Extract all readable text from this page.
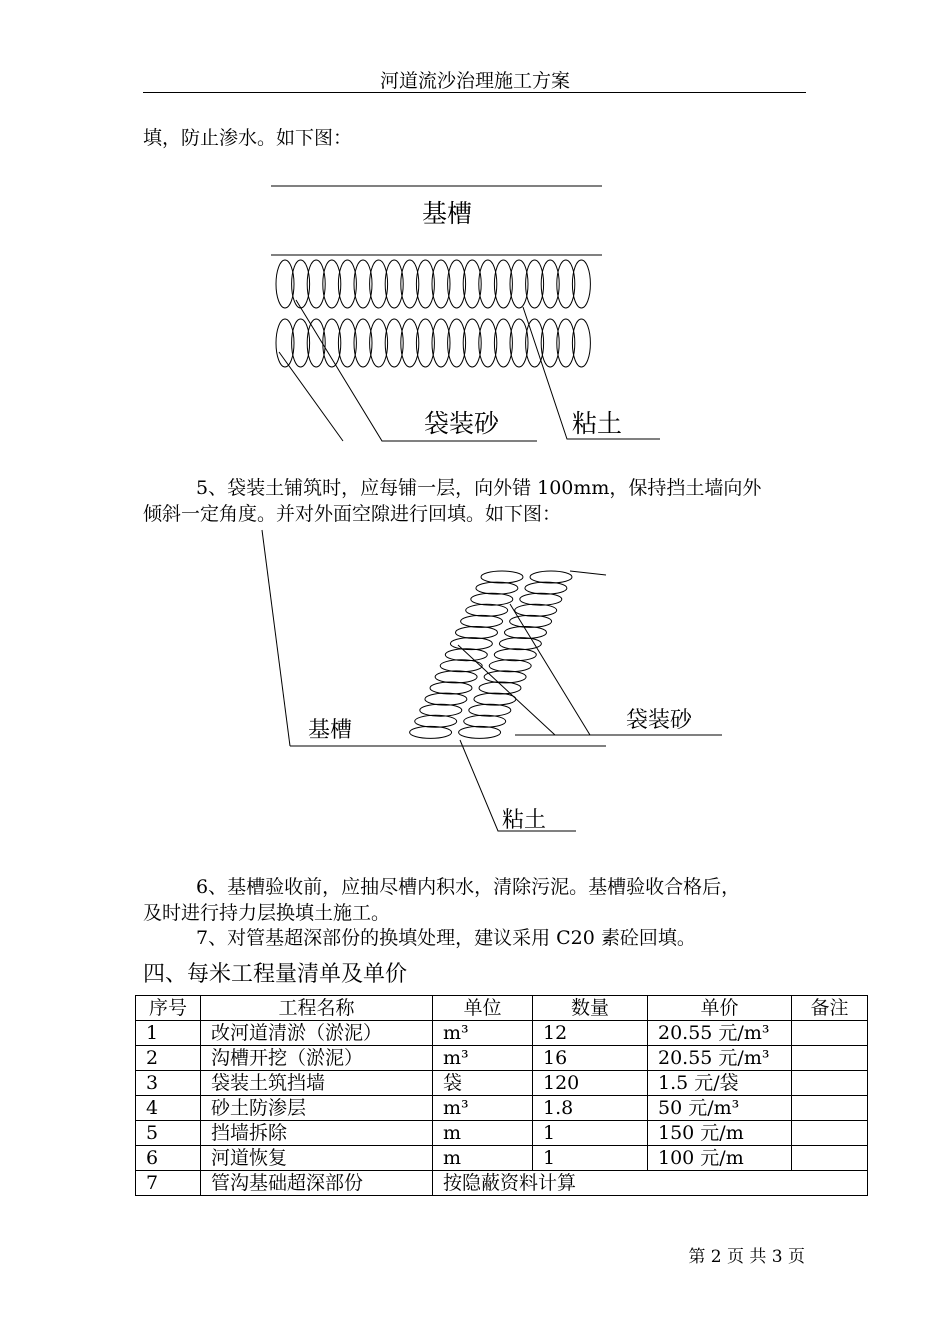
河道流沙治理施工方案
填，防止渗水。如下图：
基槽
袋装砂	粘土
基槽	袋装砂
粘土
5、袋装土铺筑时，应每铺一层，向外错 100mm，保持挡土墙向外
倾斜一定角度。并对外面空隙进行回填。如下图：
6、基槽验收前，应抽尽槽内积水，清除污泥。基槽验收合格后，
及时进行持力层换填土施工。
7、对管基超深部份的换填处理，建议采用 C20 素砼回填。
四、每米工程量清单及单价
序号	工程名称	单位	数量	单价	备注
1	改河道清淤（淤泥）	m³	12	20.55 元/m³	
2	沟槽开挖（淤泥）	m³	16	20.55 元/m³	
3	袋装土筑挡墙	袋	120	1.5 元/袋	
4	砂土防渗层	m³	1.8	50 元/m³	
5	挡墙拆除	m	1	150 元/m	
6	河道恢复	m	1	100 元/m	
7	管沟基础超深部份	按隐蔽资料计算			
第 2 页 共 3 页
